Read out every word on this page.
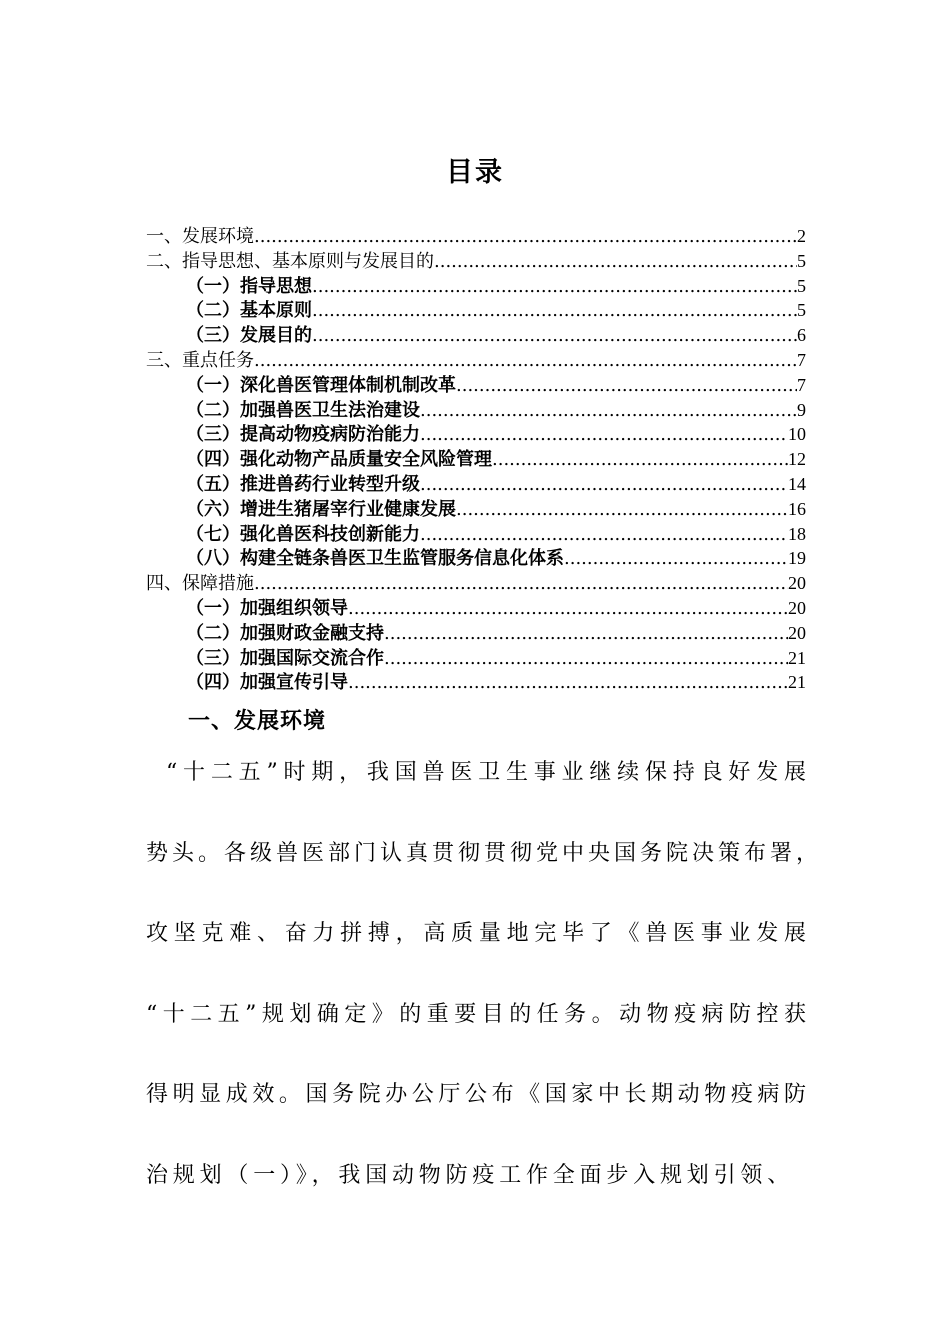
目录
一、发展环境 .....	2
二、指导思想、基本原则与发展目的 .....	5
（一）指导思想 .....	5
（二）基本原则 .....	5
（三）发展目的 .....	6
三、重点任务 .....	7
（一）深化兽医管理体制机制改革 .....	7
（二）加强兽医卫生法治建设 .....	9
（三）提高动物疫病防治能力 .....	10
（四）强化动物产品质量安全风险管理 .....	12
（五）推进兽药行业转型升级 .....	14
（六）增进生猪屠宰行业健康发展 .....	16
（七）强化兽医科技创新能力 .....	18
（八）构建全链条兽医卫生监管服务信息化体系 .....	19
四、保障措施 .....	20
（一）加强组织领导 .....	20
（二）加强财政金融支持 .....	20
（三）加强国际交流合作 .....	21
（四）加强宣传引导 .....	21
一、发展环境
“十二五”时期，我国兽医卫生事业继续保持良好发展
势头。各级兽医部门认真贯彻贯彻党中央国务院决策布署，
攻坚克难、奋力拼搏，高质量地完毕了《兽医事业发展
“十二五”规划确定》的重要目的任务。动物疫病防控获
得明显成效。国务院办公厅公布《国家中长期动物疫病防
治规划（一）》，我国动物防疫工作全面步入规划引领、
